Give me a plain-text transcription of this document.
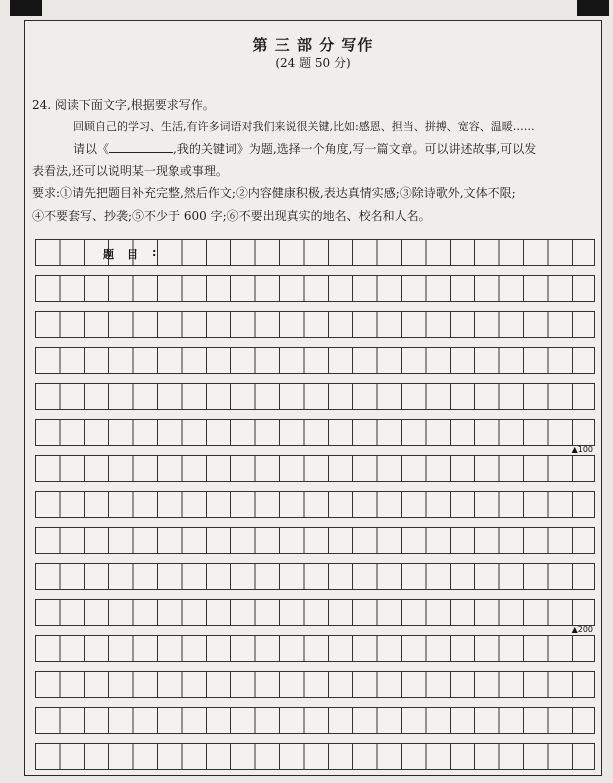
第 三 部 分 写作
(24 题 50 分)
24. 阅读下面文字,根据要求写作。
回顾自己的学习、生活,有许多词语对我们来说很关键,比如:感恩、担当、拼搏、宽容、温暖……
请以《	,我的关键词》为题,选择一个角度,写一篇文章。可以讲述故事,可以发
表看法,还可以说明某一现象或事理。
要求:①请先把题目补充完整,然后作文;②内容健康积极,表达真情实感;③除诗歌外,文体不限;
④不要套写、抄袭;⑤不少于 600 字;⑥不要出现真实的地名、校名和人名。
题 目 :
▲100
▲200
